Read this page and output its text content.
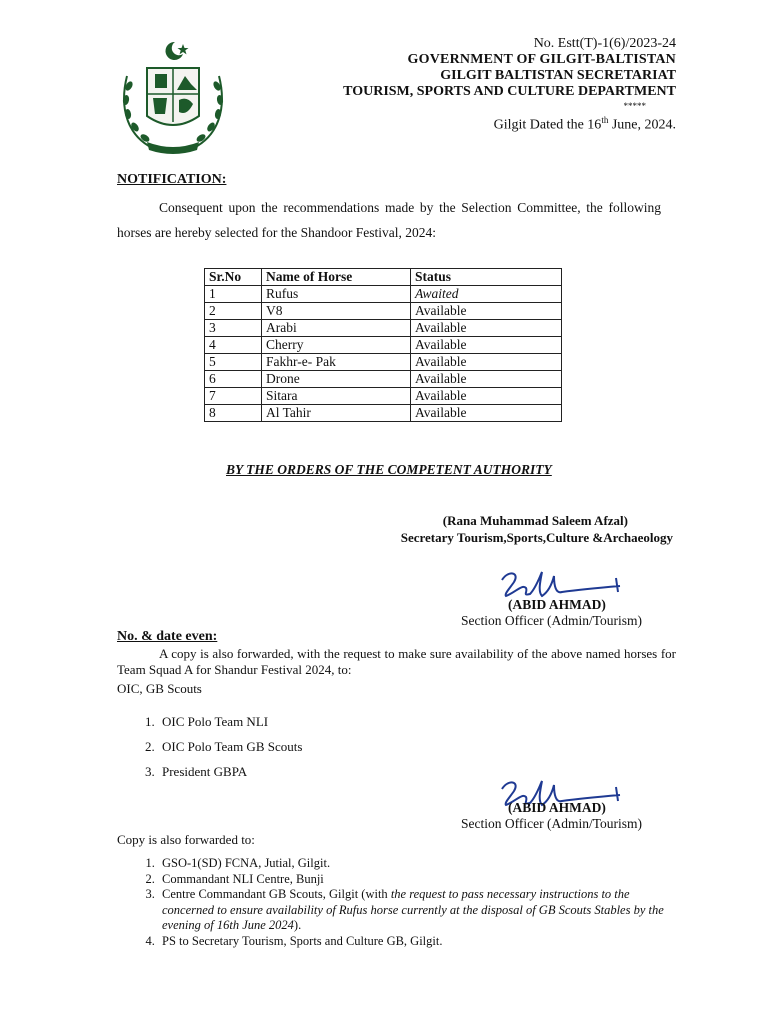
No. Estt(T)-1(6)/2023-24
GOVERNMENT OF GILGIT-BALTISTAN
GILGIT BALTISTAN SECRETARIAT
TOURISM, SPORTS AND CULTURE DEPARTMENT
*****
Gilgit Dated the 16th June, 2024.
NOTIFICATION:
Consequent upon the recommendations made by the Selection Committee, the following horses are hereby selected for the Shandoor Festival, 2024:
Sr.No	Name of Horse	Status
1	Rufus	Awaited
2	V8	Available
3	Arabi	Available
4	Cherry	Available
5	Fakhr-e- Pak	Available
6	Drone	Available
7	Sitara	Available
8	Al Tahir	Available
BY THE ORDERS OF THE COMPETENT AUTHORITY
(Rana Muhammad Saleem Afzal)
Secretary Tourism,Sports,Culture &Archaeology
(ABID AHMAD)
Section Officer (Admin/Tourism)
No. & date even:
A copy is also forwarded, with the request to make sure availability of the above named horses for Team Squad A for Shandur Festival 2024, to:
OIC, GB Scouts
1. OIC Polo Team NLI
2. OIC Polo Team GB Scouts
3. President GBPA
(ABID AHMAD)
Section Officer (Admin/Tourism)
Copy is also forwarded to:
1. GSO-1(SD) FCNA, Jutial, Gilgit.
2. Commandant NLI Centre, Bunji
3. Centre Commandant GB Scouts, Gilgit (with the request to pass necessary instructions to the concerned to ensure availability of Rufus horse currently at the disposal of GB Scouts Stables by the evening of 16th June 2024).
4. PS to Secretary Tourism, Sports and Culture GB, Gilgit.
